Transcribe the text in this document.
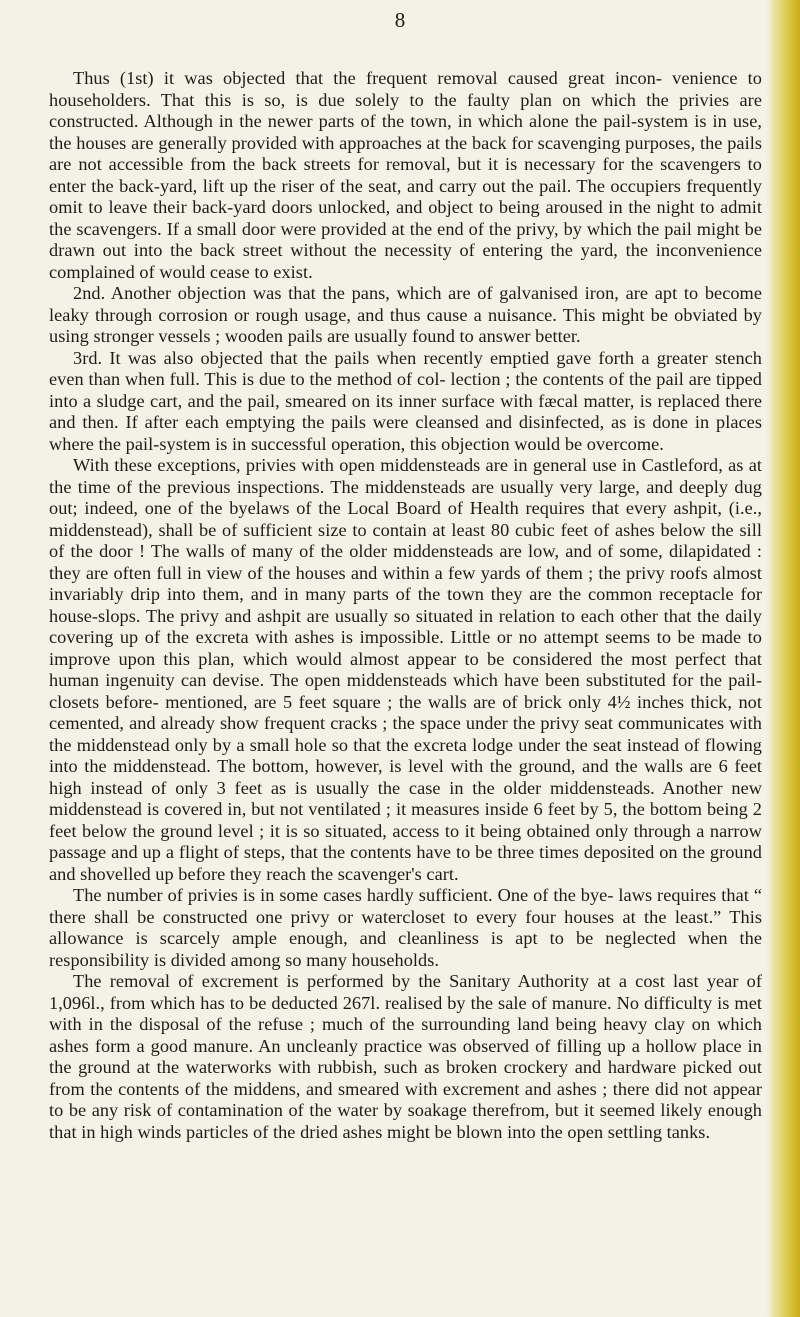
8

Thus (1st) it was objected that the frequent removal caused great incon- venience to householders. That this is so, is due solely to the faulty plan on which the privies are constructed. Although in the newer parts of the town, in which alone the pail-system is in use, the houses are generally provided with approaches at the back for scavenging purposes, the pails are not accessible from the back streets for removal, but it is necessary for the scavengers to enter the back-yard, lift up the riser of the seat, and carry out the pail. The occupiers frequently omit to leave their back-yard doors unlocked, and object to being aroused in the night to admit the scavengers. If a small door were provided at the end of the privy, by which the pail might be drawn out into the back street without the necessity of entering the yard, the inconvenience complained of would cease to exist.

2nd. Another objection was that the pans, which are of galvanised iron, are apt to become leaky through corrosion or rough usage, and thus cause a nuisance. This might be obviated by using stronger vessels ; wooden pails are usually found to answer better.

3rd. It was also objected that the pails when recently emptied gave forth a greater stench even than when full. This is due to the method of col- lection ; the contents of the pail are tipped into a sludge cart, and the pail, smeared on its inner surface with fæcal matter, is replaced there and then. If after each emptying the pails were cleansed and disinfected, as is done in places where the pail-system is in successful operation, this objection would be overcome.

With these exceptions, privies with open middensteads are in general use in Castleford, as at the time of the previous inspections. The middensteads are usually very large, and deeply dug out; indeed, one of the byelaws of the Local Board of Health requires that every ashpit, (i.e., middenstead), shall be of sufficient size to contain at least 80 cubic feet of ashes below the sill of the door ! The walls of many of the older middensteads are low, and of some, dilapidated : they are often full in view of the houses and within a few yards of them ; the privy roofs almost invariably drip into them, and in many parts of the town they are the common receptacle for house-slops. The privy and ashpit are usually so situated in relation to each other that the daily covering up of the excreta with ashes is impossible. Little or no attempt seems to be made to improve upon this plan, which would almost appear to be considered the most perfect that human ingenuity can devise. The open middensteads which have been substituted for the pail-closets before- mentioned, are 5 feet square ; the walls are of brick only 4½ inches thick, not cemented, and already show frequent cracks ; the space under the privy seat communicates with the middenstead only by a small hole so that the excreta lodge under the seat instead of flowing into the middenstead. The bottom, however, is level with the ground, and the walls are 6 feet high instead of only 3 feet as is usually the case in the older middensteads. Another new middenstead is covered in, but not ventilated ; it measures inside 6 feet by 5, the bottom being 2 feet below the ground level ; it is so situated, access to it being obtained only through a narrow passage and up a flight of steps, that the contents have to be three times deposited on the ground and shovelled up before they reach the scavenger's cart.

The number of privies is in some cases hardly sufficient. One of the bye- laws requires that “ there shall be constructed one privy or watercloset to every four houses at the least.” This allowance is scarcely ample enough, and cleanliness is apt to be neglected when the responsibility is divided among so many households.

The removal of excrement is performed by the Sanitary Authority at a cost last year of 1,096l., from which has to be deducted 267l. realised by the sale of manure. No difficulty is met with in the disposal of the refuse ; much of the surrounding land being heavy clay on which ashes form a good manure. An uncleanly practice was observed of filling up a hollow place in the ground at the waterworks with rubbish, such as broken crockery and hardware picked out from the contents of the middens, and smeared with excrement and ashes ; there did not appear to be any risk of contamination of the water by soakage therefrom, but it seemed likely enough that in high winds particles of the dried ashes might be blown into the open settling tanks.
